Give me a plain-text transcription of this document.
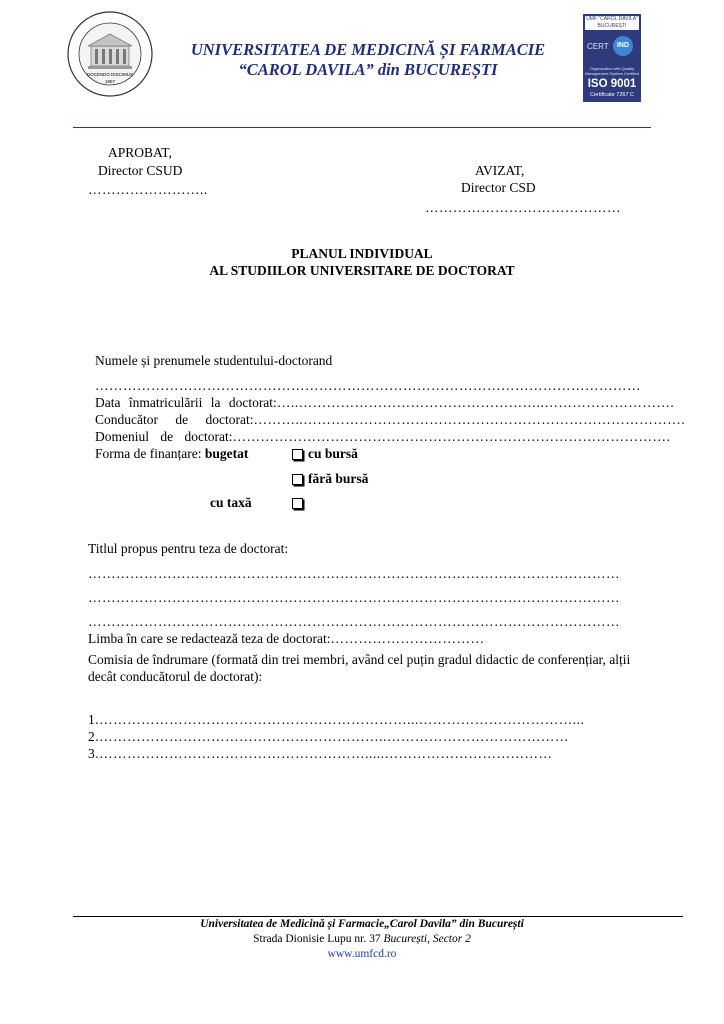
DOCENDO DISCIMUS
1857
UNIVERSITATEA DE MEDICINĂ ȘI FARMACIE
“CAROL DAVILA” din BUCUREȘTI
UMF "CAROL DAVILA" BUCUREȘTI
CERT	IND
Organization with Quality Management System Certified
ISO 9001
Certificate 7267 C
APROBAT,
Director CSUD
……………………..
AVIZAT,
Director CSD
……………………………………
PLANUL INDIVIDUAL
AL STUDIILOR UNIVERSITARE DE DOCTORAT
Numele și prenumele studentului-doctorand
………………………………………………………………………………………………………
Data înmatriculării la doctorat:…..……………………………………………..……………………….
Conducător de doctorat:………..……………………………………………………………………….
Domeniul de doctorat:………………………………………………………………………………….
Forma de finanțare: bugetat	cu bursă
fără bursă
cu taxă
Titlul propus pentru teza de doctorat:
……………………………………………………………………………………………………
……………………………………………………………………………………………………
……………………………………………………………………………………………………
Limba în care se redactează teza de doctorat:……………………………
Comisia de îndrumare (formată din trei membri, având cel puțin gradul didactic de conferențiar, alții
decât conducătorul de doctorat):
1.…………………………………………………………...……………………………...
2.……………………………………………………..…………………………………
3.………………………………………………….....………………………………
Universitatea de Medicină și Farmacie„Carol Davila” din București
Strada Dionisie Lupu nr. 37 București, Sector 2
www.umfcd.ro
